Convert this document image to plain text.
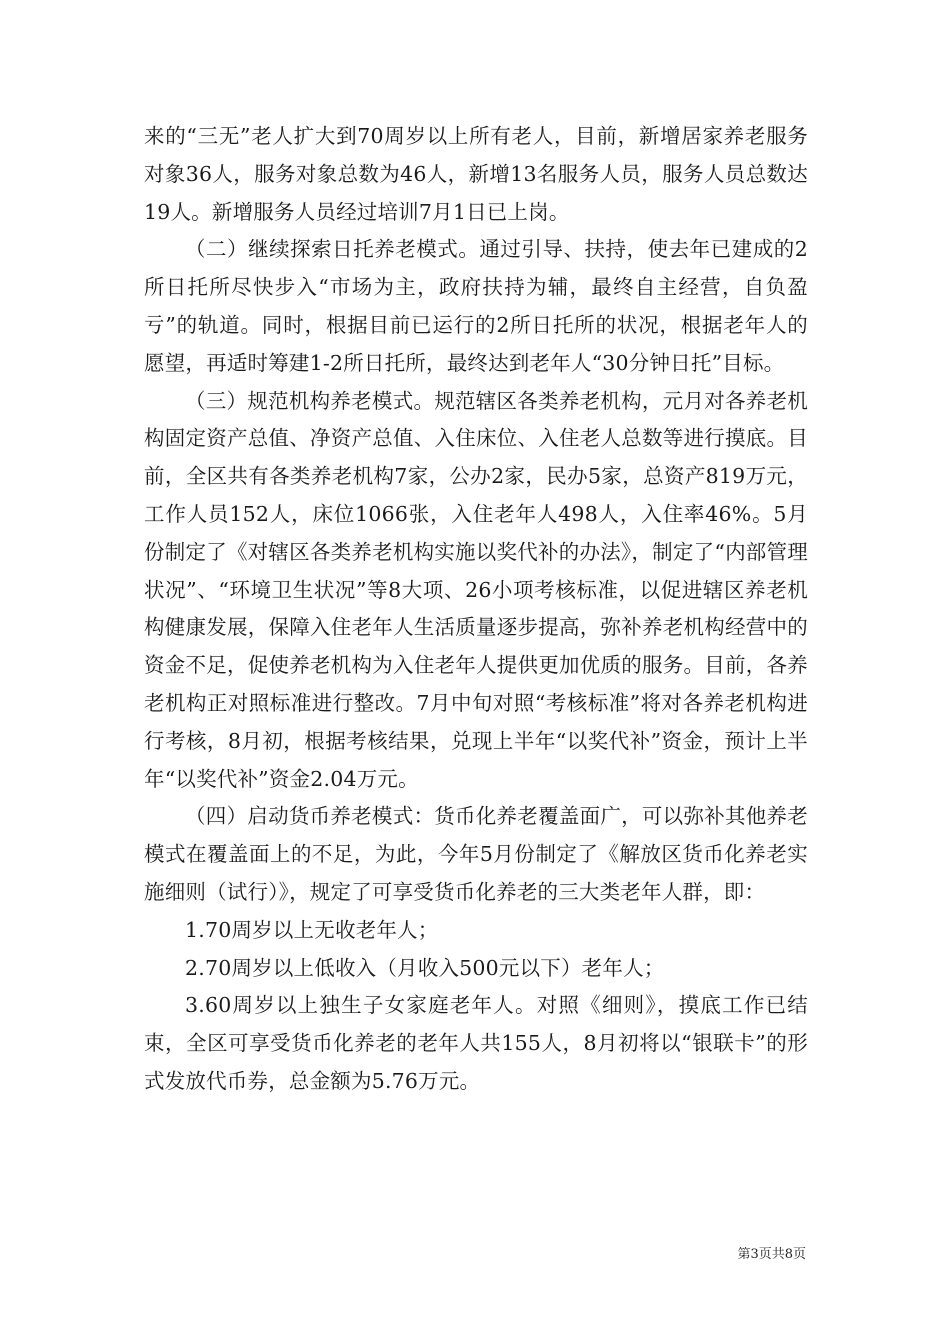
来的“三无”老人扩大到70周岁以上所有老人，目前，新增居家养老服务对象36人，服务对象总数为46人，新增13名服务人员，服务人员总数达19人。新增服务人员经过培训7月1日已上岗。

（二）继续探索日托养老模式。通过引导、扶持，使去年已建成的2所日托所尽快步入“市场为主，政府扶持为辅，最终自主经营，自负盈亏”的轨道。同时，根据目前已运行的2所日托所的状况，根据老年人的愿望，再适时筹建1-2所日托所，最终达到老年人“30分钟日托”目标。

（三）规范机构养老模式。规范辖区各类养老机构，元月对各养老机构固定资产总值、净资产总值、入住床位、入住老人总数等进行摸底。目前，全区共有各类养老机构7家，公办2家，民办5家，总资产819万元，工作人员152人，床位1066张，入住老年人498人，入住率46%。5月份制定了《对辖区各类养老机构实施以奖代补的办法》，制定了“内部管理状况”、“环境卫生状况”等8大项、26小项考核标准，以促进辖区养老机构健康发展，保障入住老年人生活质量逐步提高，弥补养老机构经营中的资金不足，促使养老机构为入住老年人提供更加优质的服务。目前，各养老机构正对照标准进行整改。7月中旬对照“考核标准”将对各养老机构进行考核，8月初，根据考核结果，兑现上半年“以奖代补”资金，预计上半年“以奖代补”资金2.04万元。

（四）启动货币养老模式：货币化养老覆盖面广，可以弥补其他养老模式在覆盖面上的不足，为此，今年5月份制定了《解放区货币化养老实施细则（试行）》，规定了可享受货币化养老的三大类老年人群，即：

1.70周岁以上无收老年人；

2.70周岁以上低收入（月收入500元以下）老年人；

3.60周岁以上独生子女家庭老年人。对照《细则》，摸底工作已结束，全区可享受货币化养老的老年人共155人，8月初将以“银联卡”的形式发放代币券，总金额为5.76万元。

第3页共8页
